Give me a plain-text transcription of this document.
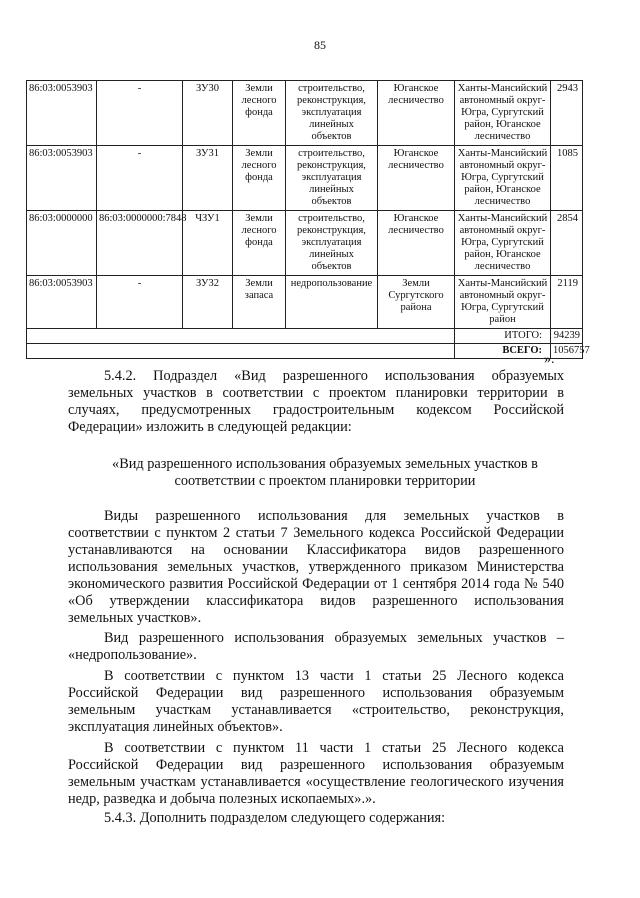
85
86:03:0053903	-	ЗУ30	Земли лесного фонда	строительство, реконструкция, эксплуатация линейных объектов	Юганское лесничество	Ханты-Мансийский автономный округ-Югра, Сургутский район, Юганское лесничество	2943
86:03:0053903	-	ЗУ31	Земли лесного фонда	строительство, реконструкция, эксплуатация линейных объектов	Юганское лесничество	Ханты-Мансийский автономный округ-Югра, Сургутский район, Юганское лесничество	1085
86:03:0000000	86:03:0000000:7848	ЧЗУ1	Земли лесного фонда	строительство, реконструкция, эксплуатация линейных объектов	Юганское лесничество	Ханты-Мансийский автономный округ-Югра, Сургутский район, Юганское лесничество	2854
86:03:0053903	-	ЗУ32	Земли запаса	недропользование	Земли Сургутского района	Ханты-Мансийский автономный округ-Югра, Сургутский район	2119
						ИТОГО:	94239
						ВСЕГО:	1056757
».
5.4.2. Подраздел «Вид разрешенного использования образуемых земельных участков в соответствии с проектом планировки территории в случаях, предусмотренных градостроительным кодексом Российской Федерации» изложить в следующей редакции:
«Вид разрешенного использования образуемых земельных участков в соответствии с проектом планировки территории
Виды разрешенного использования для земельных участков в соответствии с пунктом 2 статьи 7 Земельного кодекса Российской Федерации устанавливаются на основании Классификатора видов разрешенного использования земельных участков, утвержденного приказом Министерства экономического развития Российской Федерации от 1 сентября 2014 года № 540 «Об утверждении классификатора видов разрешенного использования земельных участков».
Вид разрешенного использования образуемых земельных участков – «недропользование».
В соответствии с пунктом 13 части 1 статьи 25 Лесного кодекса Российской Федерации вид разрешенного использования образуемым земельным участкам устанавливается «строительство, реконструкция, эксплуатация линейных объектов».
В соответствии с пунктом 11 части 1 статьи 25 Лесного кодекса Российской Федерации вид разрешенного использования образуемым земельным участкам устанавливается «осуществление геологического изучения недр, разведка и добыча полезных ископаемых».».
5.4.3. Дополнить подразделом следующего содержания:
